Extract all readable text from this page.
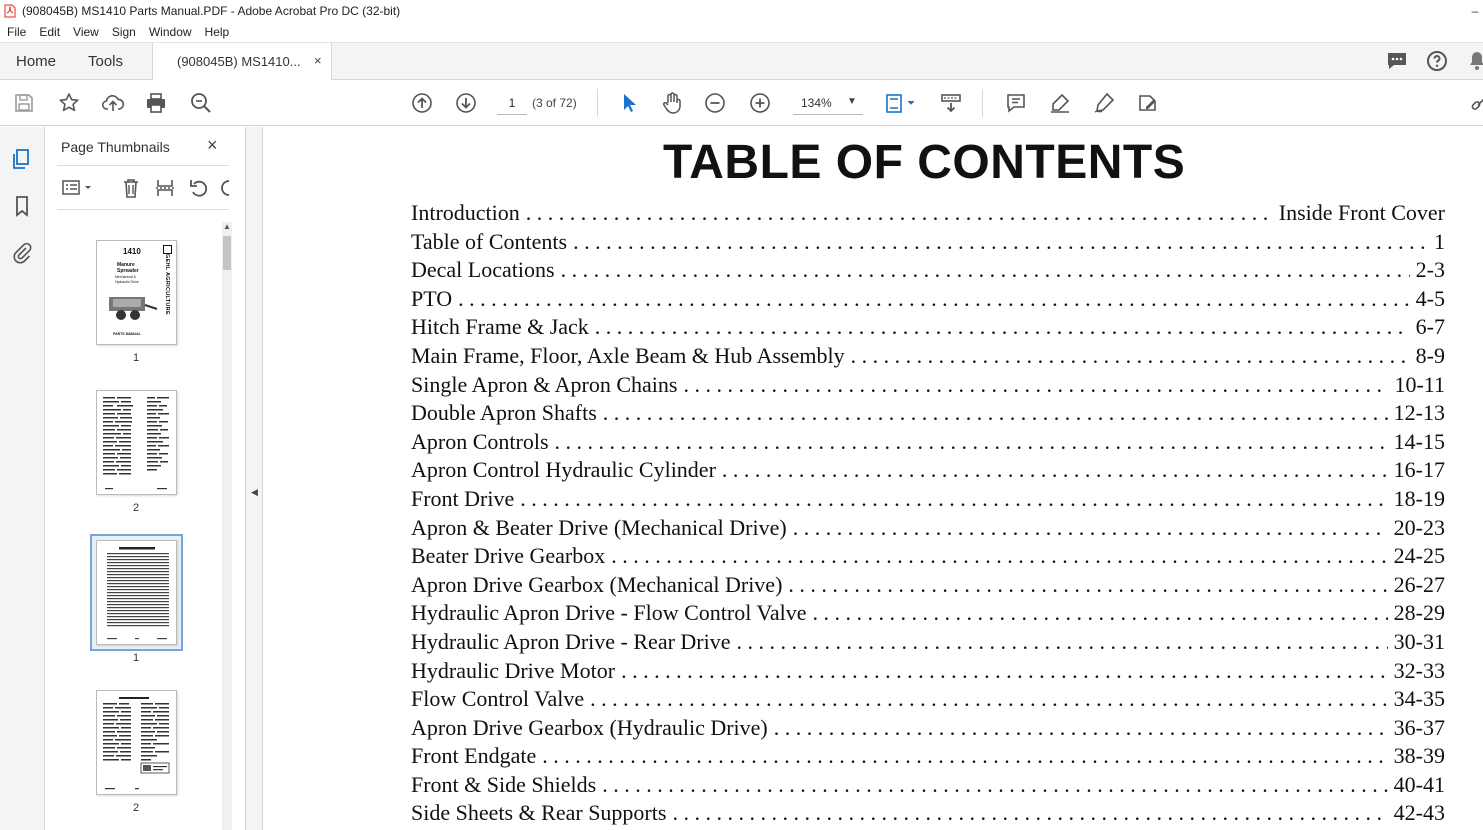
(908045B) MS1410 Parts Manual.PDF - Adobe Acrobat Pro DC (32-bit)	–
File	Edit	View	Sign	Window	Help
Home Tools	(908045B) MS1410... ×
1
(3 of 72)	134% ▼
Page Thumbnails ×
▲
1410
Manure
Spreader
Mechanical &
Hydraulic Drive
PARTS MANUAL
GEHL AGRICULTURE
1
2
1
2
◀
TABLE OF CONTENTS
Introduction . . .	Inside Front Cover
Table of Contents . . .	1
Decal Locations . . .	2-3
PTO . . .	4-5
Hitch Frame & Jack . . .	6-7
Main Frame, Floor, Axle Beam & Hub Assembly . . .	8-9
Single Apron & Apron Chains . . .	10-11
Double Apron Shafts . . .	12-13
Apron Controls . . .	14-15
Apron Control Hydraulic Cylinder . . .	16-17
Front Drive . . .	18-19
Apron & Beater Drive (Mechanical Drive) . . .	20-23
Beater Drive Gearbox . . .	24-25
Apron Drive Gearbox (Mechanical Drive) . . .	26-27
Hydraulic Apron Drive - Flow Control Valve . . .	28-29
Hydraulic Apron Drive - Rear Drive . . .	30-31
Hydraulic Drive Motor . . .	32-33
Flow Control Valve . . .	34-35
Apron Drive Gearbox (Hydraulic Drive) . . .	36-37
Front Endgate . . .	38-39
Front & Side Shields . . .	40-41
Side Sheets & Rear Supports . . .	42-43
